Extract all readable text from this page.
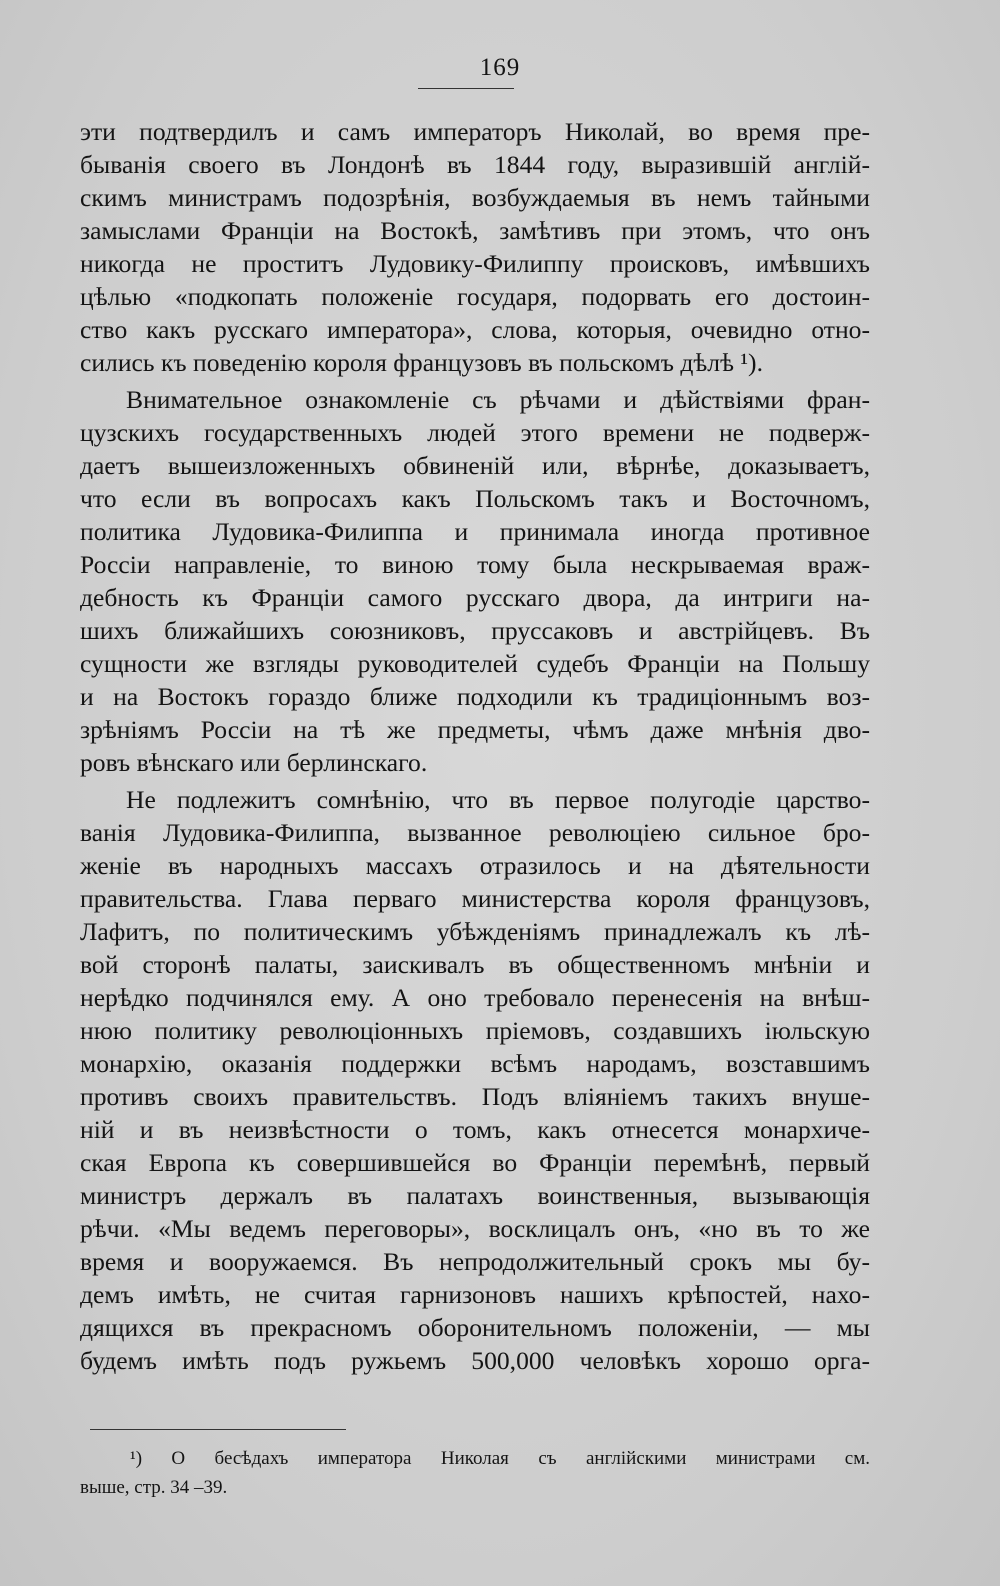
169
эти подтвердилъ и самъ императоръ Николай, во время пре-
быванія своего въ Лондонѣ въ 1844 году, выразившій англій-
скимъ министрамъ подозрѣнія, возбуждаемыя въ немъ тайными
замыслами Франціи на Востокѣ, замѣтивъ при этомъ, что онъ
никогда не проститъ Лудовику-Филиппу происковъ, имѣвшихъ
цѣлью «подкопать положеніе государя, подорвать его достоин-
ство какъ русскаго императора», слова, которыя, очевидно отно-
сились къ поведенію короля французовъ въ польскомъ дѣлѣ ¹).
Внимательное ознакомленіе съ рѣчами и дѣйствіями фран-
цузскихъ государственныхъ людей этого времени не подверж-
даетъ вышеизложенныхъ обвиненій или, вѣрнѣе, доказываетъ,
что если въ вопросахъ какъ Польскомъ такъ и Восточномъ,
политика Лудовика-Филиппа и принимала иногда противное
Россіи направленіе, то виною тому была нескрываемая враж-
дебность къ Франціи самого русскаго двора, да интриги на-
шихъ ближайшихъ союзниковъ, пруссаковъ и австрійцевъ. Въ
сущности же взгляды руководителей судебъ Франціи на Польшу
и на Востокъ гораздо ближе подходили къ традиціоннымъ воз-
зрѣніямъ Россіи на тѣ же предметы, чѣмъ даже мнѣнія дво-
ровъ вѣнскаго или берлинскаго.
Не подлежитъ сомнѣнію, что въ первое полугодіе царство-
ванія Лудовика-Филиппа, вызванное революціею сильное бро-
женіе въ народныхъ массахъ отразилось и на дѣятельности
правительства. Глава перваго министерства короля французовъ,
Лафитъ, по политическимъ убѣжденіямъ принадлежалъ къ лѣ-
вой сторонѣ палаты, заискивалъ въ общественномъ мнѣніи и
нерѣдко подчинялся ему. А оно требовало перенесенія на внѣш-
нюю политику революціонныхъ пріемовъ, создавшихъ іюльскую
монархію, оказанія поддержки всѣмъ народамъ, возставшимъ
противъ своихъ правительствъ. Подъ вліяніемъ такихъ внуше-
ній и въ неизвѣстности о томъ, какъ отнесется монархиче-
ская Европа къ совершившейся во Франціи перемѣнѣ, первый
министръ держалъ въ палатахъ воинственныя, вызывающія
рѣчи. «Мы ведемъ переговоры», восклицалъ онъ, «но въ то же
время и вооружаемся. Въ непродолжительный срокъ мы бу-
демъ имѣть, не считая гарнизоновъ нашихъ крѣпостей, нахо-
дящихся въ прекрасномъ оборонительномъ положеніи, — мы
будемъ имѣть подъ ружьемъ 500,000 человѣкъ хорошо орга-
¹) О бесѣдахъ императора Николая съ англійскими министрами см.
выше, стр. 34 –39.
